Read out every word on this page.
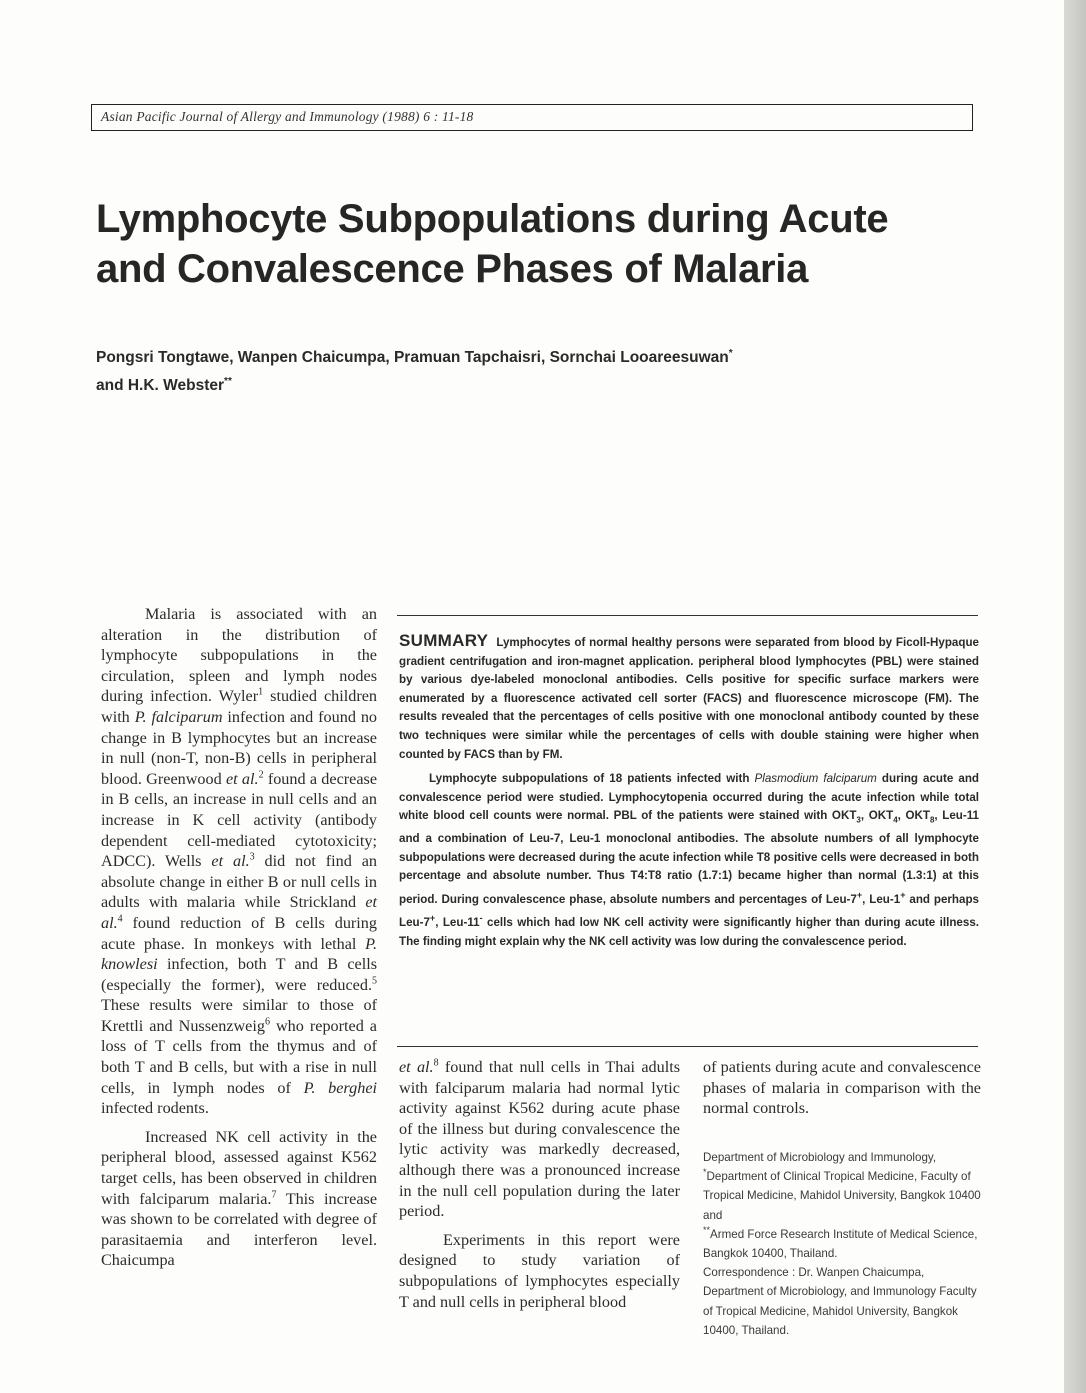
Asian Pacific Journal of Allergy and Immunology (1988) 6 : 11-18
Lymphocyte Subpopulations during Acute
and Convalescence Phases of Malaria
Pongsri Tongtawe, Wanpen Chaicumpa, Pramuan Tapchaisri, Sornchai Looareesuwan*
and H.K. Webster**

Malaria is associated with an alteration in the distribution of lymphocyte subpopulations in the circulation, spleen and lymph nodes during infection. Wyler$^1$ studied children with P. falciparum infection and found no change in B lymphocytes but an increase in null (non-T, non-B) cells in peripheral blood. Greenwood et al.$^2$ found a decrease in B cells, an increase in null cells and an increase in K cell activity (antibody dependent cell-mediated cytotoxicity; ADCC). Wells et al.$^3$ did not find an absolute change in either B or null cells in adults with malaria while Strickland et al.$^4$ found reduction of B cells during acute phase. In monkeys with lethal P. knowlesi infection, both T and B cells (especially the former), were reduced.$^5$ These results were similar to those of Krettli and Nussenzweig$^6$ who reported a loss of T cells from the thymus and of both T and B cells, but with a rise in null cells, in lymph nodes of P. berghei infected rodents.

Increased NK cell activity in the peripheral blood, assessed against K562 target cells, has been observed in children with falciparum malaria.$^7$ This increase was shown to be correlated with degree of parasitaemia and interferon level. Chaicumpa

SUMMARY Lymphocytes of normal healthy persons were separated from blood by Ficoll-Hypaque gradient centrifugation and iron-magnet application. peripheral blood lymphocytes (PBL) were stained by various dye-labeled monoclonal antibodies. Cells positive for specific surface markers were enumerated by a fluorescence activated cell sorter (FACS) and fluorescence microscope (FM). The results revealed that the percentages of cells positive with one monoclonal antibody counted by these two techniques were similar while the percentages of cells with double staining were higher when counted by FACS than by FM.

Lymphocyte subpopulations of 18 patients infected with Plasmodium falciparum during acute and convalescence period were studied. Lymphocytopenia occurred during the acute infection while total white blood cell counts were normal. PBL of the patients were stained with $OKT_3$, $OKT_4$, $OKT_8$, Leu-11 and a combination of Leu-7, Leu-1 monoclonal antibodies. The absolute numbers of all lymphocyte subpopulations were decreased during the acute infection while T8 positive cells were decreased in both percentage and absolute number. Thus T4:T8 ratio (1.7:1) became higher than normal (1.3:1) at this period. During convalescence phase, absolute numbers and percentages of Leu-7+, Leu-1+ and perhaps Leu-7+, Leu-11- cells which had low NK cell activity were significantly higher than during acute illness. The finding might explain why the NK cell activity was low during the convalescence period.

et al.$^8$ found that null cells in Thai adults with falciparum malaria had normal lytic activity against K562 during acute phase of the illness but during convalescence the lytic activity was markedly decreased, although there was a pronounced increase in the null cell population during the later period.

Experiments in this report were designed to study variation of subpopulations of lymphocytes especially T and null cells in peripheral blood

of patients during acute and convalescence phases of malaria in comparison with the normal controls.

Department of Microbiology and Immunology,

*Department of Clinical Tropical Medicine, Faculty of Tropical Medicine, Mahidol University, Bangkok 10400 and

**Armed Force Research Institute of Medical Science, Bangkok 10400, Thailand.

Correspondence : Dr. Wanpen Chaicumpa, Department of Microbiology, and Immunology Faculty of Tropical Medicine, Mahidol University, Bangkok 10400, Thailand.
